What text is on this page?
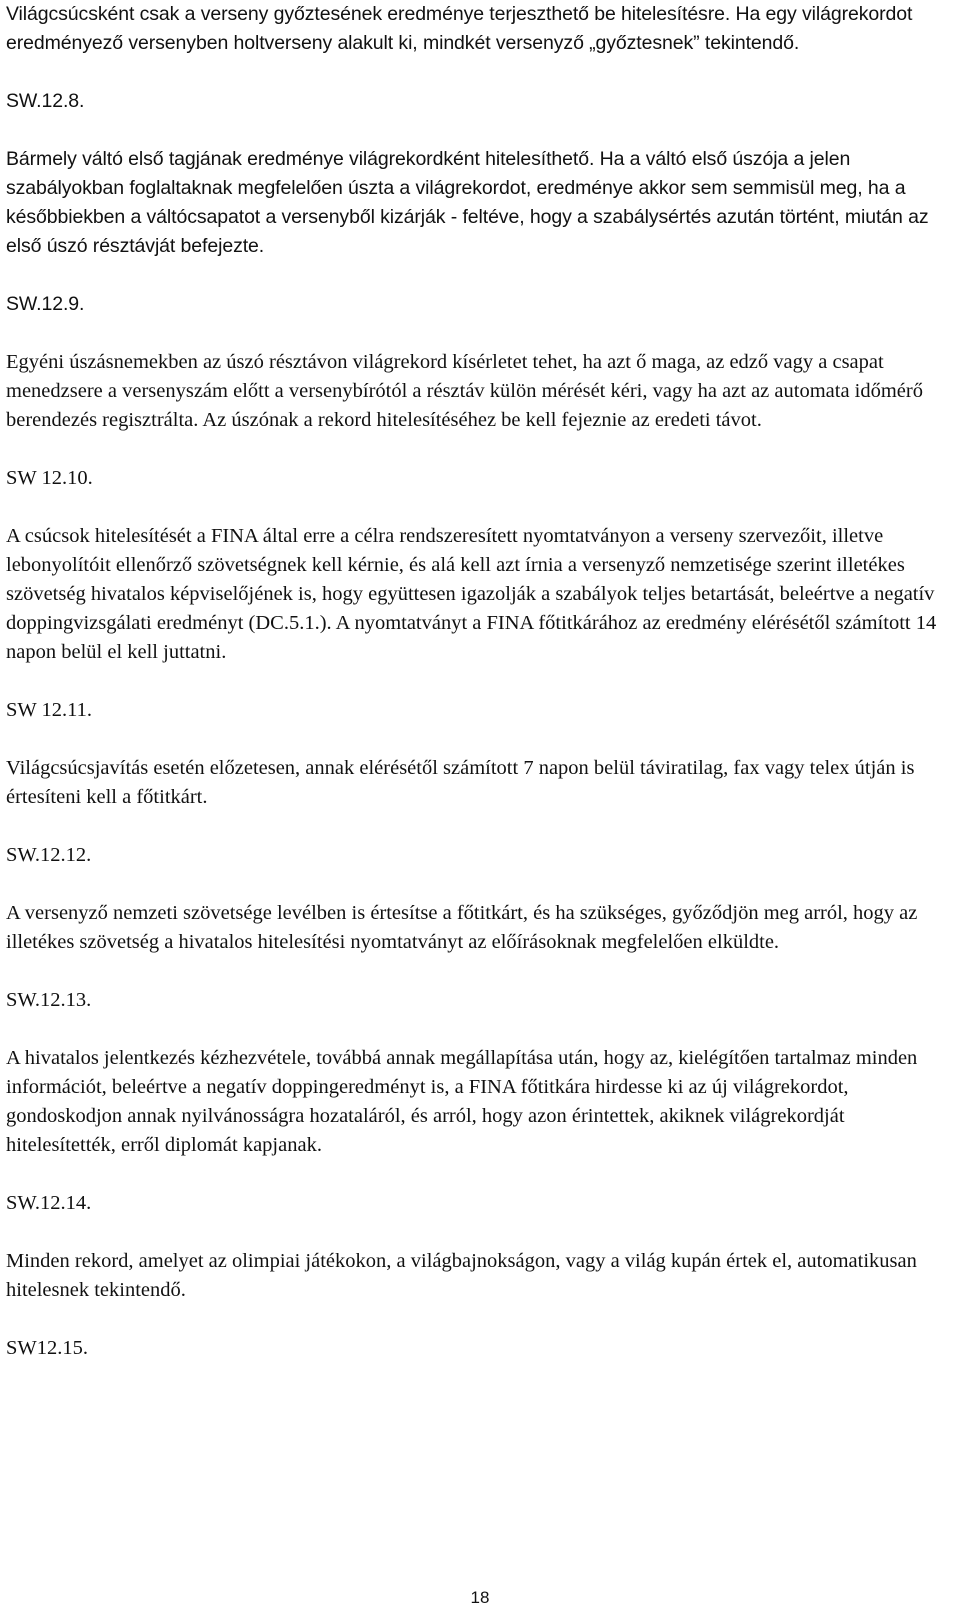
Világcsúcsként csak a verseny győztesének eredménye terjeszthető be hitelesítésre. Ha egy világrekordot eredményező versenyben holtverseny alakult ki, mindkét versenyző „győztesnek” tekintendő.

SW.12.8.

Bármely váltó első tagjának eredménye világrekordként hitelesíthető. Ha a váltó első úszója a jelen szabályokban foglaltaknak megfelelően úszta a világrekordot, eredménye akkor sem semmisül meg, ha a későbbiekben a váltócsapatot a versenyből kizárják - feltéve, hogy a szabálysértés azután történt, miután az első úszó résztávját befejezte.

SW.12.9.

Egyéni úszásnemekben az úszó résztávon világrekord kísérletet tehet, ha azt ő maga, az edző vagy a csapat menedzsere a versenyszám előtt a versenybírótól a résztáv külön mérését kéri, vagy ha azt az automata időmérő berendezés regisztrálta. Az úszónak a rekord hitelesítéséhez be kell fejeznie az eredeti távot.

SW 12.10.

A csúcsok hitelesítését a FINA által erre a célra rendszeresített nyomtatványon a verseny szervezőit, illetve lebonyolítóit ellenőrző szövetségnek kell kérnie, és alá kell azt írnia a versenyző nemzetisége szerint illetékes szövetség hivatalos képviselőjének is, hogy együttesen igazolják a szabályok teljes betartását, beleértve a negatív doppingvizsgálati eredményt (DC.5.1.). A nyomtatványt a FINA főtitkárához az eredmény elérésétől számított 14 napon belül el kell juttatni.

SW 12.11.

Világcsúcsjavítás esetén előzetesen, annak elérésétől számított 7 napon belül táviratilag, fax vagy telex útján is értesíteni kell a főtitkárt.

SW.12.12.

A versenyző nemzeti szövetsége levélben is értesítse a főtitkárt, és ha szükséges, győződjön meg arról, hogy az illetékes szövetség a hivatalos hitelesítési nyomtatványt az előírásoknak megfelelően elküldte.

SW.12.13.

A hivatalos jelentkezés kézhezvétele, továbbá annak megállapítása után, hogy az, kielégítően tartalmaz minden információt, beleértve a negatív doppingeredményt is, a FINA főtitkára hirdesse ki az új világrekordot, gondoskodjon annak nyilvánosságra hozataláról, és arról, hogy azon érintettek, akiknek világrekordját hitelesítették, erről diplomát kapjanak.

SW.12.14.

Minden rekord, amelyet az olimpiai játékokon, a világbajnokságon, vagy a világ kupán értek el, automatikusan hitelesnek tekintendő.

SW12.15.

18
